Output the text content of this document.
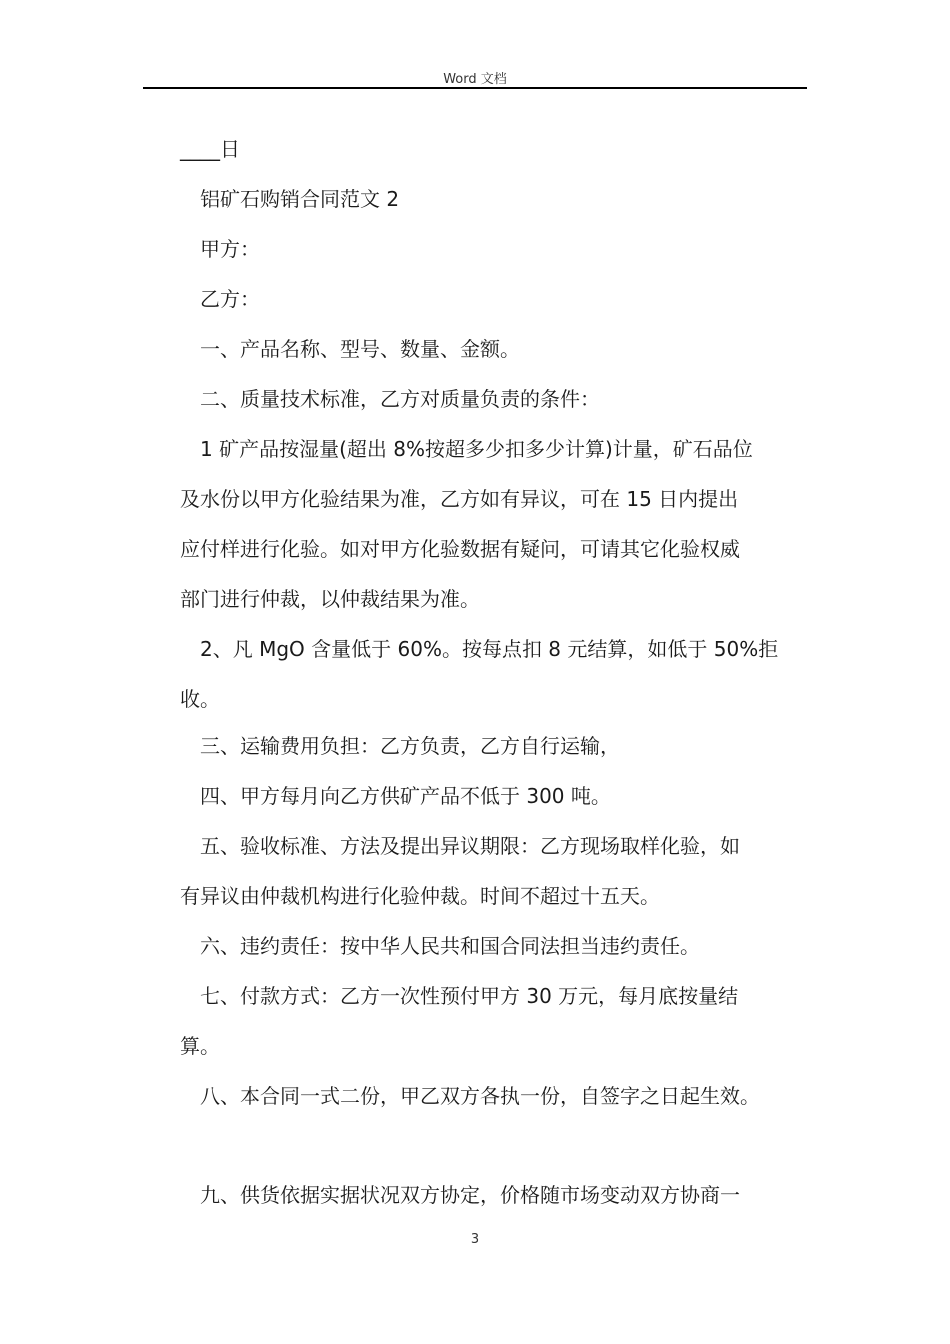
Word 文档
____日
铝矿石购销合同范文 2
甲方：
乙方：
一、产品名称、型号、数量、金额。
二、质量技术标准，乙方对质量负责的条件：
1 矿产品按湿量(超出 8%按超多少扣多少计算)计量，矿石品位
及水份以甲方化验结果为准，乙方如有异议，可在 15 日内提出
应付样进行化验。如对甲方化验数据有疑问，可请其它化验权威
部门进行仲裁，以仲裁结果为准。
2、凡 MgO 含量低于 60%。按每点扣 8 元结算，如低于 50%拒
收。
三、运输费用负担：乙方负责，乙方自行运输，
四、甲方每月向乙方供矿产品不低于 300 吨。
五、验收标准、方法及提出异议期限：乙方现场取样化验，如
有异议由仲裁机构进行化验仲裁。时间不超过十五天。
六、违约责任：按中华人民共和国合同法担当违约责任。
七、付款方式：乙方一次性预付甲方 30 万元，每月底按量结
算。
八、本合同一式二份，甲乙双方各执一份，自签字之日起生效。
九、供货依据实据状况双方协定，价格随市场变动双方协商一
3
